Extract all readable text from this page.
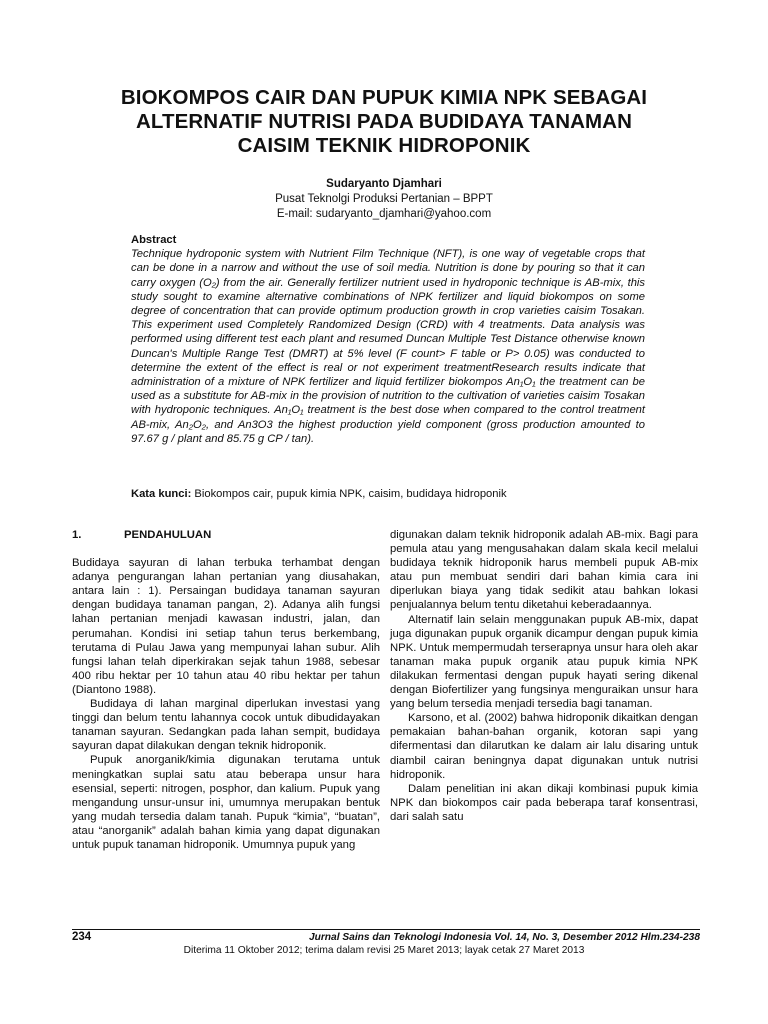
BIOKOMPOS CAIR DAN PUPUK KIMIA NPK SEBAGAI
ALTERNATIF NUTRISI PADA BUDIDAYA TANAMAN
CAISIM TEKNIK HIDROPONIK
Sudaryanto Djamhari
Pusat Teknolgi Produksi Pertanian – BPPT
E-mail: sudaryanto_djamhari@yahoo.com
Abstract
Technique hydroponic system with Nutrient Film Technique (NFT), is one way of vegetable crops that can be done in a narrow and without the use of soil media. Nutrition is done by pouring so that it can carry oxygen (O₂) from the air. Generally fertilizer nutrient used in hydroponic technique is AB-mix, this study sought to examine alternative combinations of NPK fertilizer and liquid biokompos on some degree of concentration that can provide optimum production growth in crop varieties caisim Tosakan. This experiment used Completely Randomized Design (CRD) with 4 treatments. Data analysis was performed using different test each plant and resumed Duncan Multiple Test Distance otherwise known Duncan's Multiple Range Test (DMRT) at 5% level (F count> F table or P> 0.05) was conducted to determine the extent of the effect is real or not experiment treatmentResearch results indicate that administration of a mixture of NPK fertilizer and liquid fertilizer biokompos An₁O₁ the treatment can be used as a substitute for AB-mix in the provision of nutrition to the cultivation of varieties caisim Tosakan with hydroponic techniques. An₁O₁ treatment is the best dose when compared to the control treatment AB-mix, An₂O₂, and An3O3 the highest production yield component (gross production amounted to 97.67 g / plant and 85.75 g CP / tan).
Kata kunci: Biokompos cair, pupuk kimia NPK, caisim, budidaya hidroponik
1.	PENDAHULUAN

Budidaya sayuran di lahan terbuka terhambat dengan adanya pengurangan lahan pertanian yang diusahakan, antara lain : 1). Persaingan budidaya tanaman sayuran dengan budidaya tanaman pangan, 2). Adanya alih fungsi lahan pertanian menjadi kawasan industri, jalan, dan perumahan. Kondisi ini setiap tahun terus berkembang, terutama di Pulau Jawa yang mempunyai lahan subur. Alih fungsi lahan telah diperkirakan sejak tahun 1988, sebesar 400 ribu hektar per 10 tahun atau 40 ribu hektar per tahun (Diantono 1988).

Budidaya di lahan marginal diperlukan investasi yang tinggi dan belum tentu lahannya cocok untuk dibudidayakan tanaman sayuran. Sedangkan pada lahan sempit, budidaya sayuran dapat dilakukan dengan teknik hidroponik.

Pupuk anorganik/kimia digunakan terutama untuk meningkatkan suplai satu atau beberapa unsur hara esensial, seperti: nitrogen, posphor, dan kalium. Pupuk yang mengandung unsur-unsur ini, umumnya merupakan bentuk yang mudah tersedia dalam tanah. Pupuk “kimia”, “buatan”, atau “anorganik” adalah bahan kimia yang dapat digunakan untuk pupuk tanaman hidroponik. Umumnya pupuk yang

digunakan dalam teknik hidroponik adalah AB-mix. Bagi para pemula atau yang mengusahakan dalam skala kecil melalui budidaya teknik hidroponik harus membeli pupuk AB-mix atau pun membuat sendiri dari bahan kimia cara ini diperlukan biaya yang tidak sedikit atau bahkan lokasi penjualannya belum tentu diketahui keberadaannya.

Alternatif lain selain menggunakan pupuk AB-mix, dapat juga digunakan pupuk organik dicampur dengan pupuk kimia NPK. Untuk mempermudah terserapnya unsur hara oleh akar tanaman maka pupuk organik atau pupuk kimia NPK dilakukan fermentasi dengan pupuk hayati sering dikenal dengan Biofertilizer yang fungsinya menguraikan unsur hara yang belum tersedia menjadi tersedia bagi tanaman.

Karsono, et al. (2002) bahwa hidroponik dikaitkan dengan pemakaian bahan-bahan organik, kotoran sapi yang difermentasi dan dilarutkan ke dalam air lalu disaring untuk diambil cairan beningnya dapat digunakan untuk nutrisi hidroponik.

Dalam penelitian ini akan dikaji kombinasi pupuk kimia NPK dan biokompos cair pada beberapa taraf konsentrasi, dari salah satu

234	Jurnal Sains dan Teknologi Indonesia Vol. 14, No. 3, Desember 2012 Hlm.234-238
Diterima 11 Oktober 2012; terima dalam revisi 25 Maret 2013; layak cetak 27 Maret 2013
